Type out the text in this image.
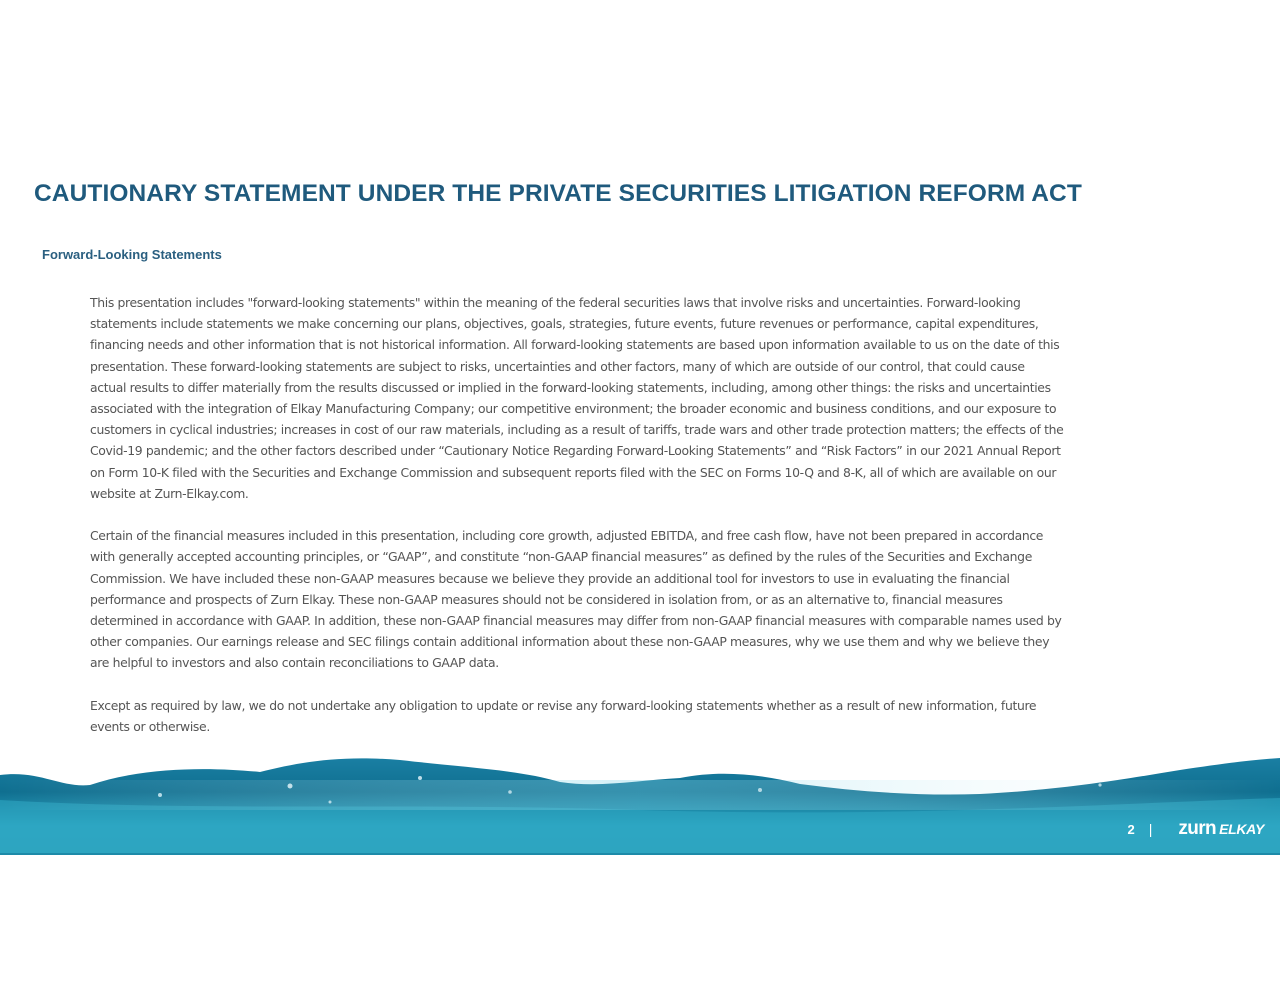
CAUTIONARY STATEMENT UNDER THE PRIVATE SECURITIES LITIGATION REFORM ACT
Forward-Looking Statements
This presentation includes "forward-looking statements" within the meaning of the federal securities laws that involve risks and uncertainties. Forward-looking
statements include statements we make concerning our plans, objectives, goals, strategies, future events, future revenues or performance, capital expenditures,
financing needs and other information that is not historical information. All forward-looking statements are based upon information available to us on the date of this
presentation. These forward-looking statements are subject to risks, uncertainties and other factors, many of which are outside of our control, that could cause
actual results to differ materially from the results discussed or implied in the forward-looking statements, including, among other things: the risks and uncertainties
associated with the integration of Elkay Manufacturing Company; our competitive environment; the broader economic and business conditions, and our exposure to
customers in cyclical industries; increases in cost of our raw materials, including as a result of tariffs, trade wars and other trade protection matters; the effects of the
Covid-19 pandemic; and the other factors described under “Cautionary Notice Regarding Forward-Looking Statements” and “Risk Factors” in our 2021 Annual Report
on Form 10-K filed with the Securities and Exchange Commission and subsequent reports filed with the SEC on Forms 10-Q and 8-K, all of which are available on our
website at Zurn-Elkay.com.
Certain of the financial measures included in this presentation, including core growth, adjusted EBITDA, and free cash flow, have not been prepared in accordance
with generally accepted accounting principles, or “GAAP”, and constitute “non-GAAP financial measures” as defined by the rules of the Securities and Exchange
Commission. We have included these non-GAAP measures because we believe they provide an additional tool for investors to use in evaluating the financial
performance and prospects of Zurn Elkay. These non-GAAP measures should not be considered in isolation from, or as an alternative to, financial measures
determined in accordance with GAAP. In addition, these non-GAAP financial measures may differ from non-GAAP financial measures with comparable names used by
other companies. Our earnings release and SEC filings contain additional information about these non-GAAP measures, why we use them and why we believe they
are helpful to investors and also contain reconciliations to GAAP data.
Except as required by law, we do not undertake any obligation to update or revise any forward-looking statements whether as a result of new information, future
events or otherwise.
2 | zurn ELKAY
